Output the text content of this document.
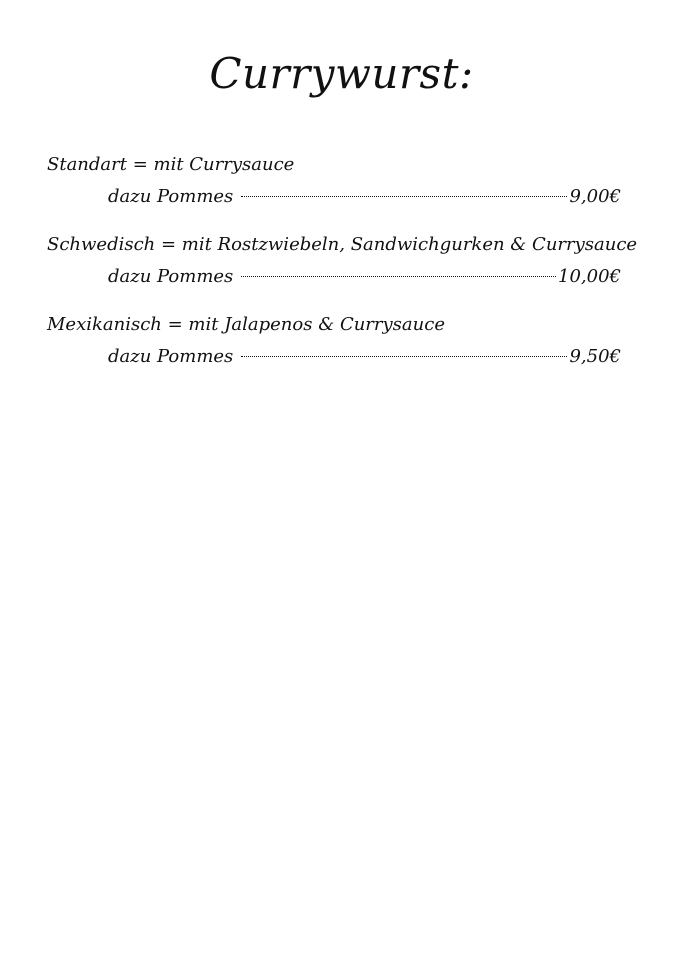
Currywurst:
Standart = mit Currysauce
dazu Pommes	9,00€
Schwedisch = mit Rostzwiebeln, Sandwichgurken & Currysauce
dazu Pommes	10,00€
Mexikanisch = mit Jalapenos & Currysauce
dazu Pommes	9,50€
